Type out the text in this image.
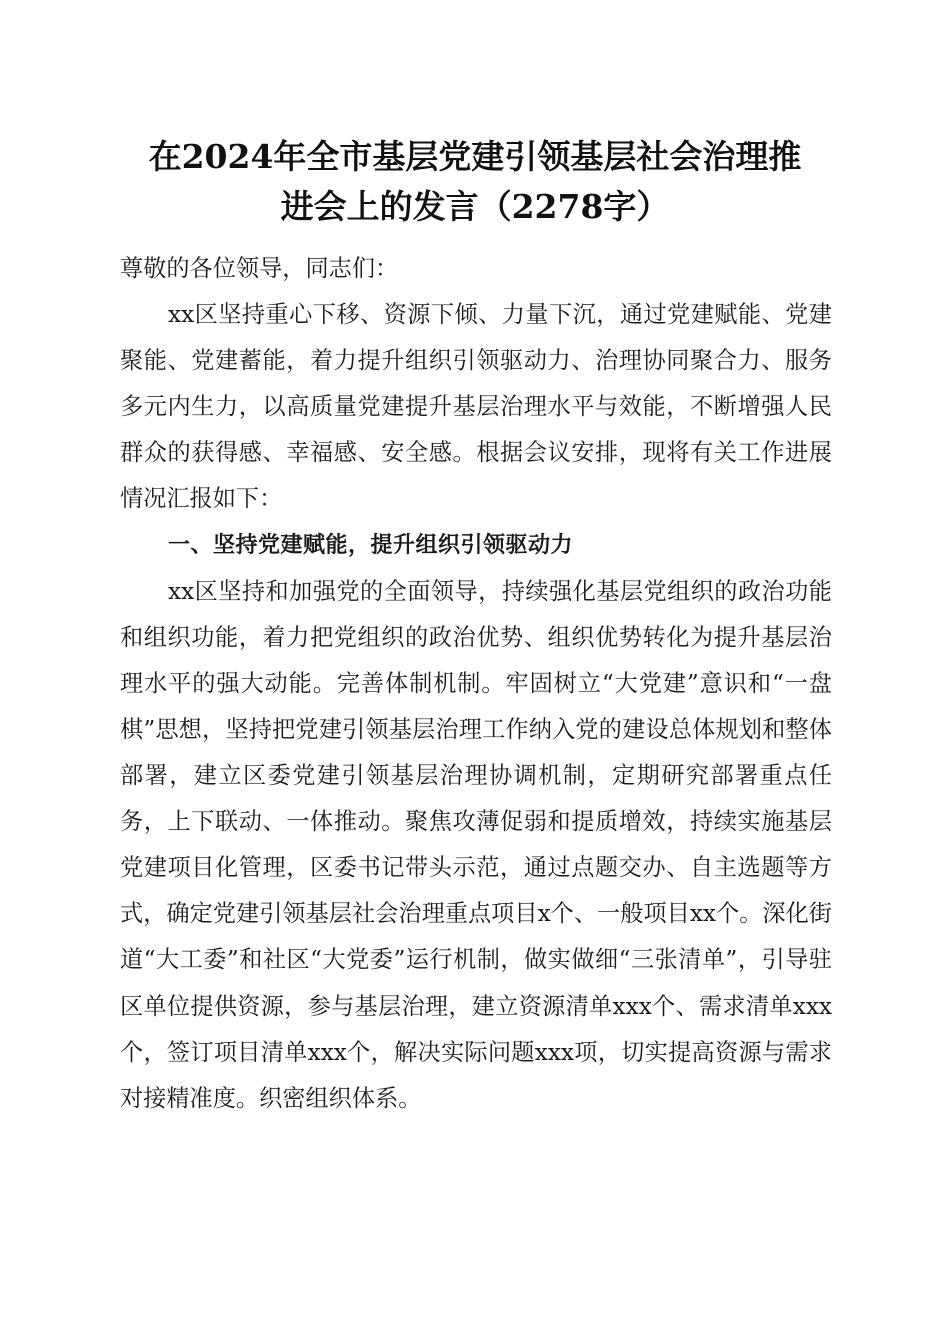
在2024年全市基层党建引领基层社会治理推
进会上的发言（2278字）

尊敬的各位领导，同志们：

xx区坚持重心下移、资源下倾、力量下沉，通过党建赋能、党建聚能、党建蓄能，着力提升组织引领驱动力、治理协同聚合力、服务多元内生力，以高质量党建提升基层治理水平与效能，不断增强人民群众的获得感、幸福感、安全感。根据会议安排，现将有关工作进展情况汇报如下：

一、坚持党建赋能，提升组织引领驱动力

xx区坚持和加强党的全面领导，持续强化基层党组织的政治功能和组织功能，着力把党组织的政治优势、组织优势转化为提升基层治理水平的强大动能。完善体制机制。牢固树立“大党建”意识和“一盘棋”思想，坚持把党建引领基层治理工作纳入党的建设总体规划和整体部署，建立区委党建引领基层治理协调机制，定期研究部署重点任务，上下联动、一体推动。聚焦攻薄促弱和提质增效，持续实施基层党建项目化管理，区委书记带头示范，通过点题交办、自主选题等方式，确定党建引领基层社会治理重点项目x个、一般项目xx个。深化街道“大工委”和社区“大党委”运行机制，做实做细“三张清单”，引导驻区单位提供资源，参与基层治理，建立资源清单xxx个、需求清单xxx个，签订项目清单xxx个，解决实际问题xxx项，切实提高资源与需求对接精准度。织密组织体系。
